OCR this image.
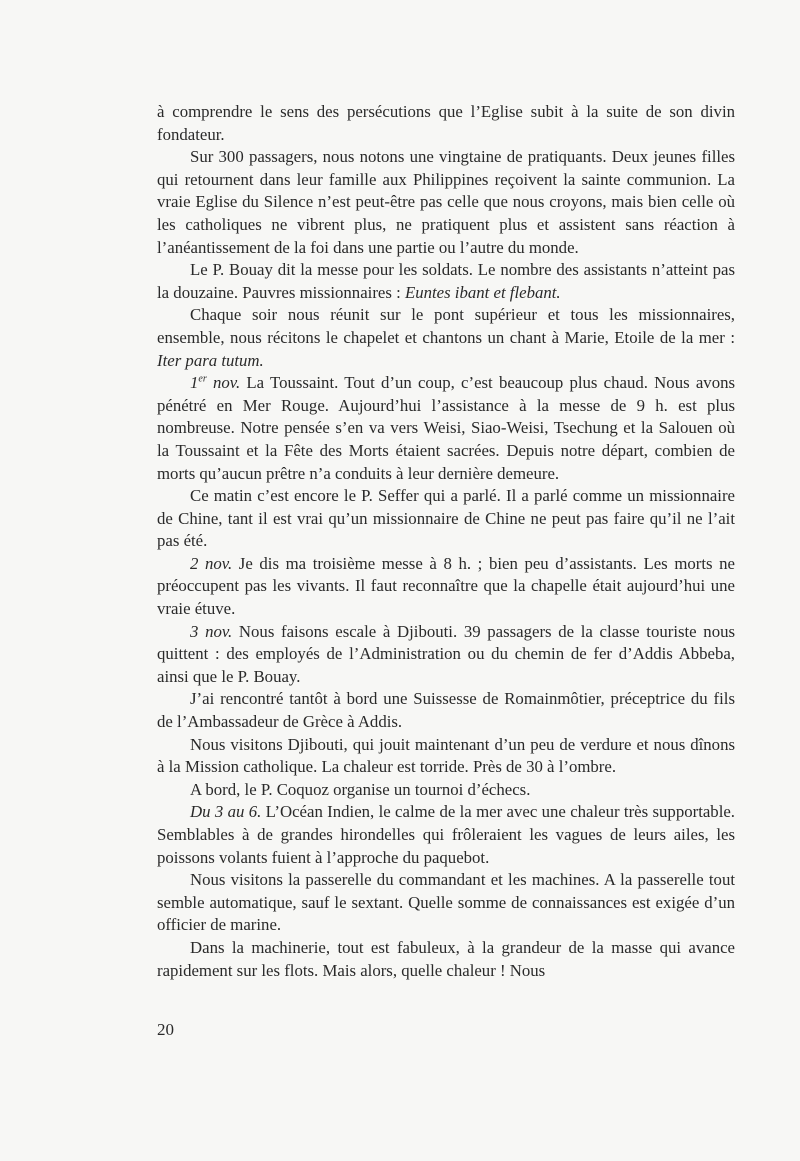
à comprendre le sens des persécutions que l’Eglise subit à la suite de son divin fondateur.

Sur 300 passagers, nous notons une vingtaine de pratiquants. Deux jeunes filles qui retournent dans leur famille aux Philippines reçoivent la sainte communion. La vraie Eglise du Silence n’est peut-être pas celle que nous croyons, mais bien celle où les catholiques ne vibrent plus, ne pratiquent plus et assistent sans réaction à l’anéantissement de la foi dans une partie ou l’autre du monde.

Le P. Bouay dit la messe pour les soldats. Le nombre des assistants n’atteint pas la douzaine. Pauvres missionnaires : Euntes ibant et flebant.

Chaque soir nous réunit sur le pont supérieur et tous les missionnaires, ensemble, nous récitons le chapelet et chantons un chant à Marie, Etoile de la mer : Iter para tutum.

1er nov. La Toussaint. Tout d’un coup, c’est beaucoup plus chaud. Nous avons pénétré en Mer Rouge. Aujourd’hui l’assistance à la messe de 9 h. est plus nombreuse. Notre pensée s’en va vers Weisi, Siao-Weisi, Tsechung et la Salouen où la Toussaint et la Fête des Morts étaient sacrées. Depuis notre départ, combien de morts qu’aucun prêtre n’a conduits à leur dernière demeure.

Ce matin c’est encore le P. Seffer qui a parlé. Il a parlé comme un missionnaire de Chine, tant il est vrai qu’un missionnaire de Chine ne peut pas faire qu’il ne l’ait pas été.

2 nov. Je dis ma troisième messe à 8 h. ; bien peu d’assistants. Les morts ne préoccupent pas les vivants. Il faut reconnaître que la chapelle était aujourd’hui une vraie étuve.

3 nov. Nous faisons escale à Djibouti. 39 passagers de la classe touriste nous quittent : des employés de l’Administration ou du chemin de fer d’Addis Abbeba, ainsi que le P. Bouay.

J’ai rencontré tantôt à bord une Suissesse de Romainmôtier, préceptrice du fils de l’Ambassadeur de Grèce à Addis.

Nous visitons Djibouti, qui jouit maintenant d’un peu de verdure et nous dînons à la Mission catholique. La chaleur est torride. Près de 30 à l’ombre.

A bord, le P. Coquoz organise un tournoi d’échecs.

Du 3 au 6. L’Océan Indien, le calme de la mer avec une chaleur très supportable. Semblables à de grandes hirondelles qui frôleraient les vagues de leurs ailes, les poissons volants fuient à l’approche du paquebot.

Nous visitons la passerelle du commandant et les machines. A la passerelle tout semble automatique, sauf le sextant. Quelle somme de connaissances est exigée d’un officier de marine.

Dans la machinerie, tout est fabuleux, à la grandeur de la masse qui avance rapidement sur les flots. Mais alors, quelle chaleur ! Nous

20
